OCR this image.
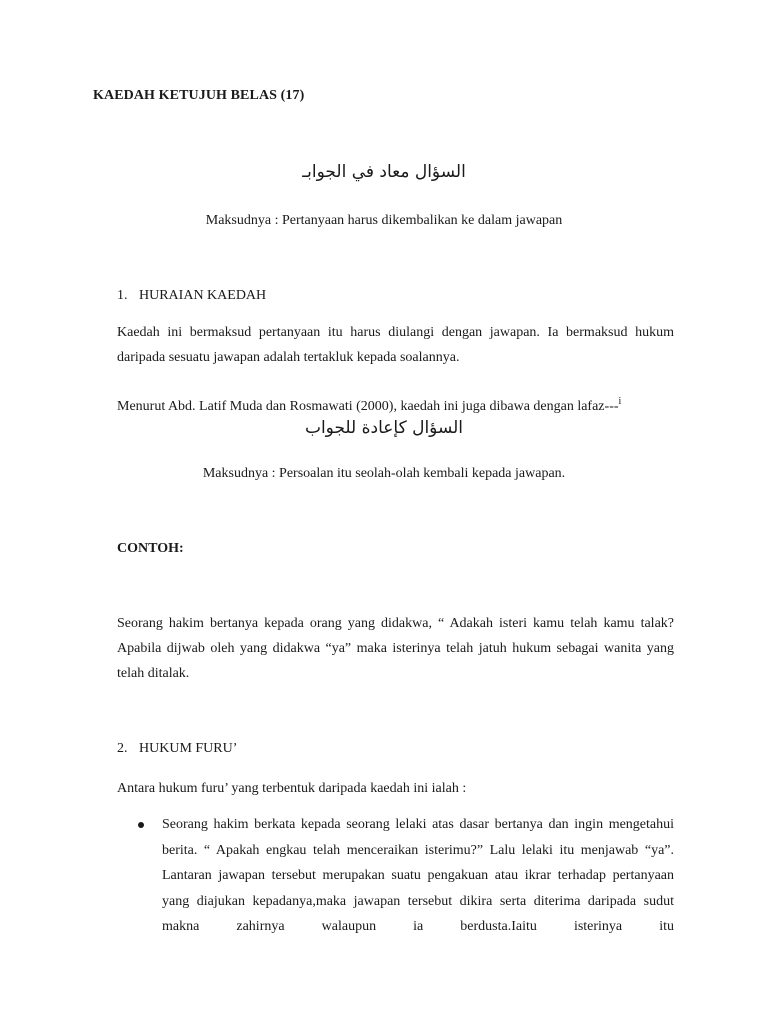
KAEDAH KETUJUH BELAS (17)
السؤال معاد في الجوابـ
Maksudnya : Pertanyaan harus dikembalikan ke dalam jawapan
1. HURAIAN KAEDAH
Kaedah ini bermaksud pertanyaan itu harus diulangi dengan jawapan. Ia bermaksud hukum daripada sesuatu jawapan adalah tertakluk kepada soalannya.
Menurut Abd. Latif Muda dan Rosmawati (2000), kaedah ini juga dibawa dengan lafaz---$^i$
السؤال كإعادة للجواب
Maksudnya : Persoalan itu seolah-olah kembali kepada jawapan.
CONTOH:
Seorang hakim bertanya kepada orang yang didakwa, “ Adakah isteri kamu telah kamu talak? Apabila dijwab oleh yang didakwa “ya” maka isterinya telah jatuh hukum sebagai wanita yang telah ditalak.
2. HUKUM FURU’
Antara hukum furu’ yang terbentuk daripada kaedah ini ialah :
Seorang hakim berkata kepada seorang lelaki atas dasar bertanya dan ingin mengetahui berita. “ Apakah engkau telah menceraikan isterimu?” Lalu lelaki itu menjawab “ya”. Lantaran jawapan tersebut merupakan suatu pengakuan atau ikrar terhadap pertanyaan yang diajukan kepadanya,maka jawapan tersebut dikira serta diterima daripada sudut makna zahirnya walaupun ia berdusta.Iaitu isterinya itu
